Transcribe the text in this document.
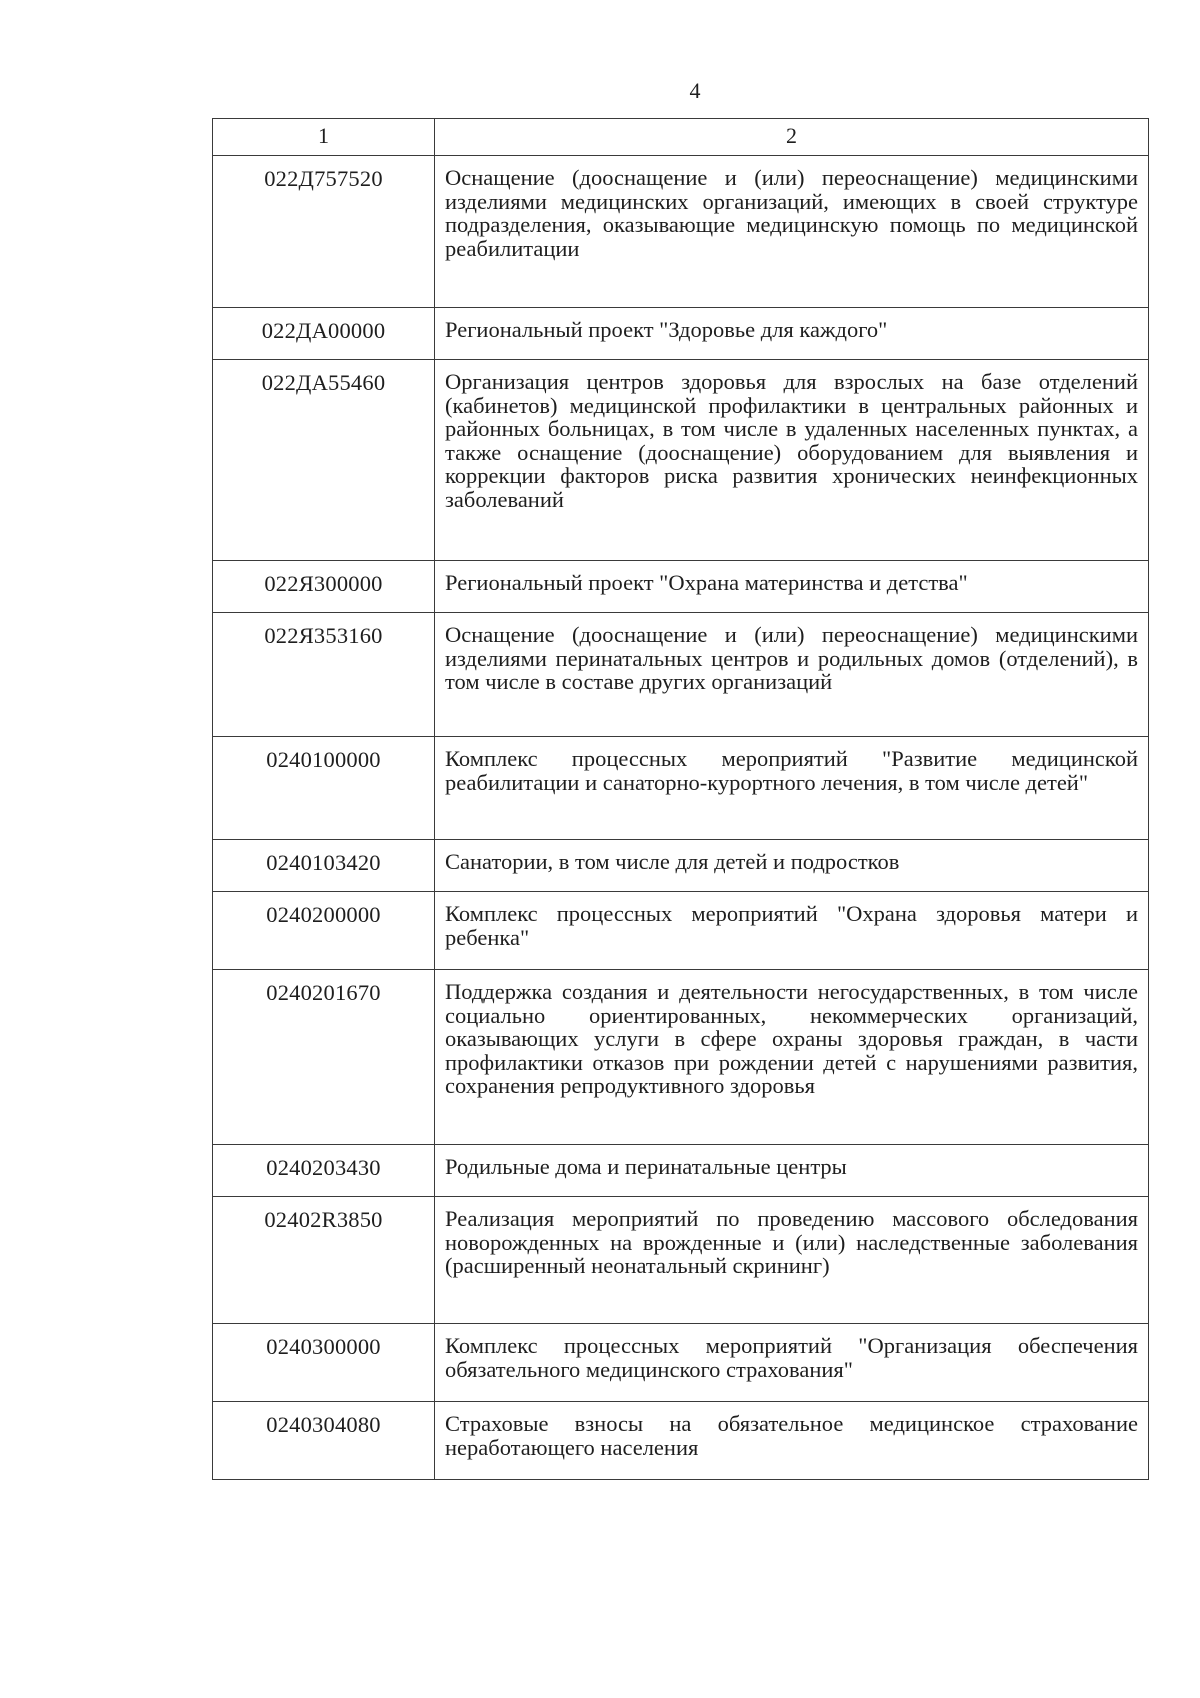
4
1	2
022Д757520	Оснащение (дооснащение и (или) переоснащение) медицинскими изделиями медицинских организаций, имеющих в своей структуре подразделения, оказывающие медицинскую помощь по медицинской реабилитации
022ДА00000	Региональный проект "Здоровье для каждого"
022ДА55460	Организация центров здоровья для взрослых на базе отделений (кабинетов) медицинской профилактики в центральных районных и районных больницах, в том числе в удаленных населенных пунктах, а также оснащение (дооснащение) оборудованием для выявления и коррекции факторов риска развития хронических неинфекционных заболеваний
022Я300000	Региональный проект "Охрана материнства и детства"
022Я353160	Оснащение (дооснащение и (или) переоснащение) медицинскими изделиями перинатальных центров и родильных домов (отделений), в том числе в составе других организаций
0240100000	Комплекс процессных мероприятий "Развитие медицинской реабилитации и санаторно-курортного лечения, в том числе детей"
0240103420	Санатории, в том числе для детей и подростков
0240200000	Комплекс процессных мероприятий "Охрана здоровья матери и ребенка"
0240201670	Поддержка создания и деятельности негосударственных, в том числе социально ориентированных, некоммерческих организаций, оказывающих услуги в сфере охраны здоровья граждан, в части профилактики отказов при рождении детей с нарушениями развития, сохранения репродуктивного здоровья
0240203430	Родильные дома и перинатальные центры
02402R3850	Реализация мероприятий по проведению массового обследования новорожденных на врожденные и (или) наследственные заболевания (расширенный неонатальный скрининг)
0240300000	Комплекс процессных мероприятий "Организация обеспечения обязательного медицинского страхования"
0240304080	Страховые взносы на обязательное медицинское страхование неработающего населения
